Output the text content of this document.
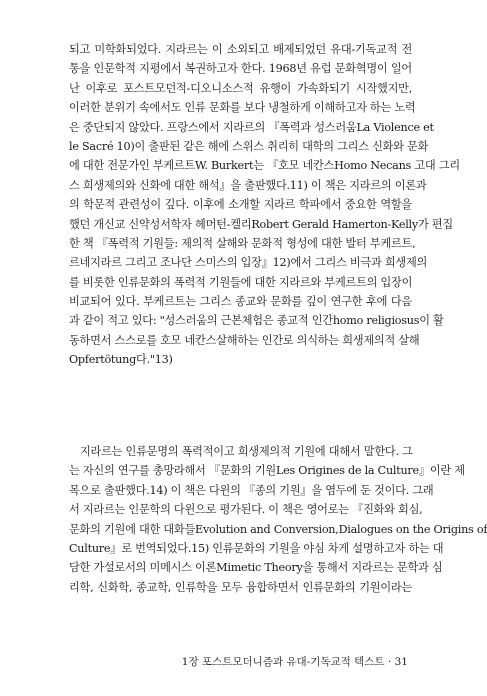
되고 미학화되었다. 지라르는 이 소외되고 배제되었던 유대-기독교적 전
통을 인문학적 지평에서 복권하고자 한다. 1968년 유럽 문화혁명이 일어
난 이후로 포스트모던적-디오니소스적 유행이 가속화되기 시작했지만,
이러한 분위기 속에서도 인류 문화를 보다 냉철하게 이해하고자 하는 노력
은 중단되지 않았다. 프랑스에서 지라르의 『폭력과 성스러움La Violence et
le Sacré 10)이 출판된 같은 해에 스위스 취리히 대학의 그리스 신화와 문화
에 대한 전문가인 부케르트W. Burkert는 『호모 네칸스Homo Necans 고대 그리
스 희생제의와 신화에 대한 해석』을 출판했다.11) 이 책은 지라르의 이론과
의 학문적 관련성이 깊다. 이후에 소개할 지라르 학파에서 중요한 역할을
했던 개신교 신약성서학자 헤머턴-켈리Robert Gerald Hamerton-Kelly가 편집
한 책 『폭력적 기원들: 제의적 살해와 문화적 형성에 대한 발터 부케르트,
르네지라르 그리고 조나단 스미스의 입장』12)에서 그리스 비극과 희생제의
를 비롯한 인류문화의 폭력적 기원들에 대한 지라르와 부케르트의 입장이
비교되어 있다. 부케르트는 그리스 종교와 문화를 깊이 연구한 후에 다음
과 같이 적고 있다: "성스러움의 근본체험은 종교적 인간homo religiosus이 활
동하면서 스스로를 호모 네칸스살해하는 인간로 의식하는 희생제의적 살해
Opfertötung다."13)
지라르는 인류문명의 폭력적이고 희생제의적 기원에 대해서 말한다. 그
는 자신의 연구를 총망라해서 『문화의 기원Les Origines de la Culture』이란 제
목으로 출판했다.14) 이 책은 다윈의 『종의 기원』을 염두에 둔 것이다. 그래
서 지라르는 인문학의 다윈으로 평가된다. 이 책은 영어로는 『진화와 회심,
문화의 기원에 대한 대화들Evolution and Conversion,Dialogues on the Origins of
Culture』로 번역되었다.15) 인류문화의 기원을 야심 차게 설명하고자 하는 대
담한 가설로서의 미메시스 이론Mimetic Theory을 통해서 지라르는 문학과 심
리학, 신화학, 종교학, 인류학을 모두 융합하면서 인류문화의 기원이라는
1장 포스트모더니즘과 유대-기독교적 텍스트 · 31
